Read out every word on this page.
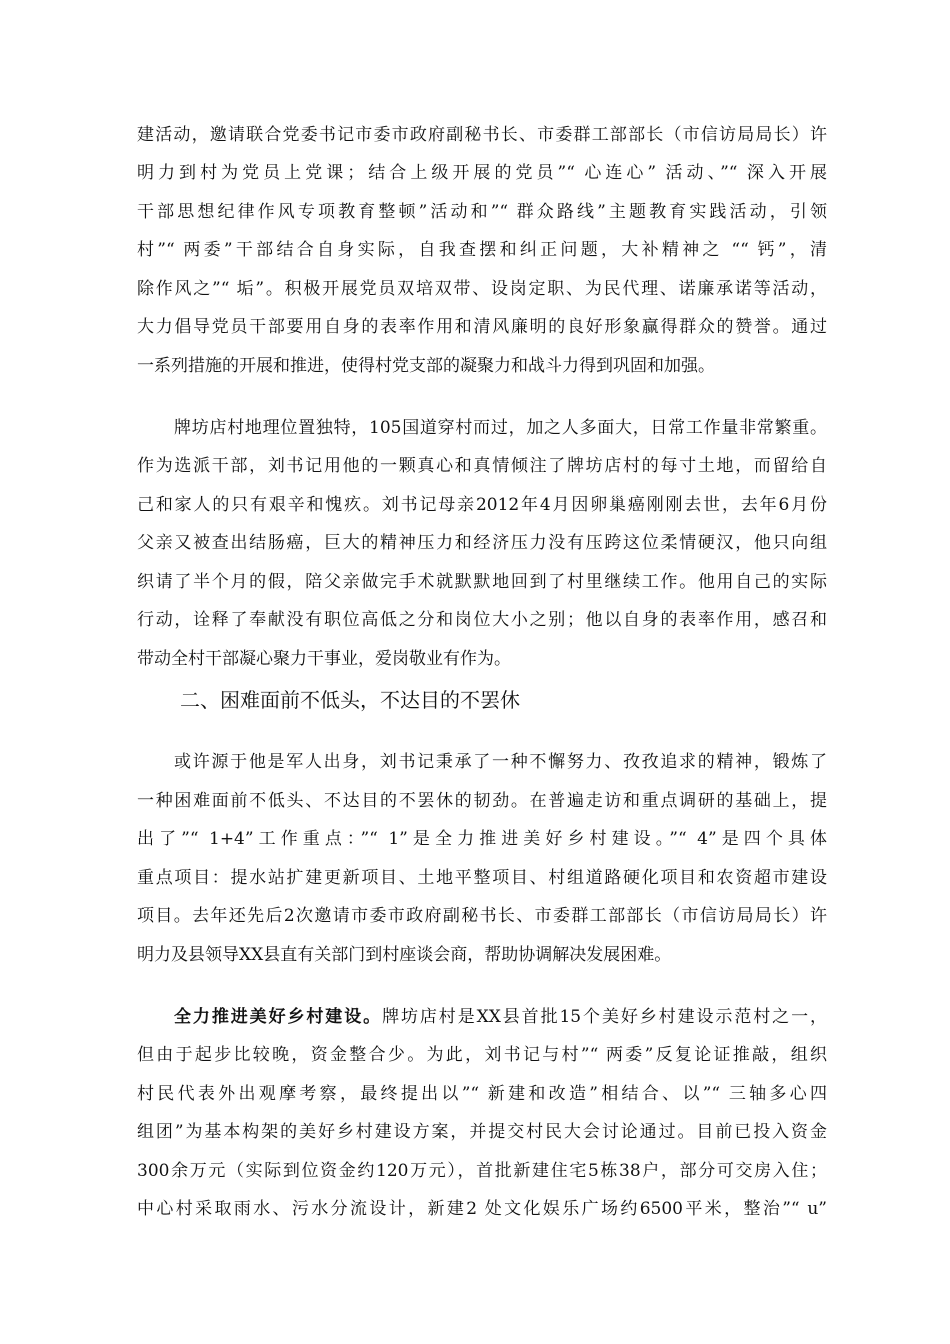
建活动，邀请联合党委书记市委市政府副秘书长、市委群工部部长（市信访局局长）许
明力到村为党员上党课；结合上级开展的党员”“ 心连心” 活动、”“ 深入开展
干部思想纪律作风专项教育整顿”活动和”“ 群众路线”主题教育实践活动，引领
村”“ 两委”干部结合自身实际，自我查摆和纠正问题，大补精神之 ““ 钙”，清
除作风之”“ 垢”。积极开展党员双培双带、设岗定职、为民代理、诺廉承诺等活动，
大力倡导党员干部要用自身的表率作用和清风廉明的良好形象赢得群众的赞誉。通过
一系列措施的开展和推进，使得村党支部的凝聚力和战斗力得到巩固和加强。
牌坊店村地理位置独特，105国道穿村而过，加之人多面大，日常工作量非常繁重。
作为选派干部，刘书记用他的一颗真心和真情倾注了牌坊店村的每寸土地，而留给自
己和家人的只有艰辛和愧疚。刘书记母亲2012年4月因卵巢癌刚刚去世，去年6月份
父亲又被查出结肠癌，巨大的精神压力和经济压力没有压跨这位柔情硬汉，他只向组
织请了半个月的假，陪父亲做完手术就默默地回到了村里继续工作。他用自己的实际
行动，诠释了奉献没有职位高低之分和岗位大小之别；他以自身的表率作用，感召和
带动全村干部凝心聚力干事业，爱岗敬业有作为。
二、困难面前不低头，不达目的不罢休
或许源于他是军人出身，刘书记秉承了一种不懈努力、孜孜追求的精神，锻炼了
一种困难面前不低头、不达目的不罢休的韧劲。在普遍走访和重点调研的基础上，提
出了”“ 1+4”工作重点：”“ 1”是全力推进美好乡村建设。”“ 4”是四个具体
重点项目：提水站扩建更新项目、土地平整项目、村组道路硬化项目和农资超市建设
项目。去年还先后2次邀请市委市政府副秘书长、市委群工部部长（市信访局局长）许
明力及县领导XX县直有关部门到村座谈会商，帮助协调解决发展困难。
全力推进美好乡村建设。牌坊店村是XX县首批15个美好乡村建设示范村之一，
但由于起步比较晚，资金整合少。为此，刘书记与村”“ 两委”反复论证推敲，组织
村民代表外出观摩考察，最终提出以”“ 新建和改造”相结合、以”“ 三轴多心四
组团”为基本构架的美好乡村建设方案，并提交村民大会讨论通过。目前已投入资金
300余万元（实际到位资金约120万元），首批新建住宅5栋38户，部分可交房入住；
中心村采取雨水、污水分流设计，新建2 处文化娱乐广场约6500平米，整治”“ u”
